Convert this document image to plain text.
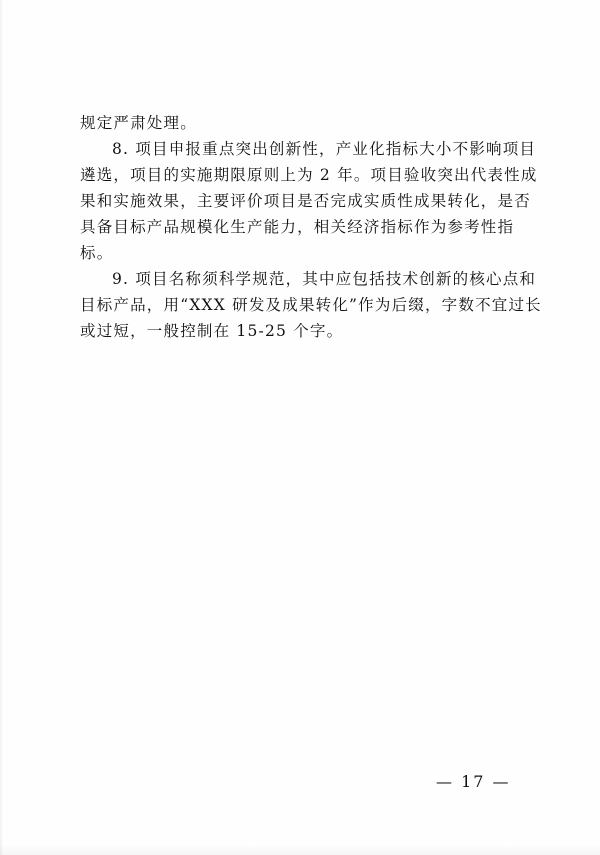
规定严肃处理。
8. 项目申报重点突出创新性，产业化指标大小不影响项目
遴选，项目的实施期限原则上为 2 年。项目验收突出代表性成
果和实施效果，主要评价项目是否完成实质性成果转化，是否
具备目标产品规模化生产能力，相关经济指标作为参考性指
标。
9. 项目名称须科学规范，其中应包括技术创新的核心点和
目标产品，用“XXX 研发及成果转化”作为后缀，字数不宜过长
或过短，一般控制在 15-25 个字。
— 17 —
